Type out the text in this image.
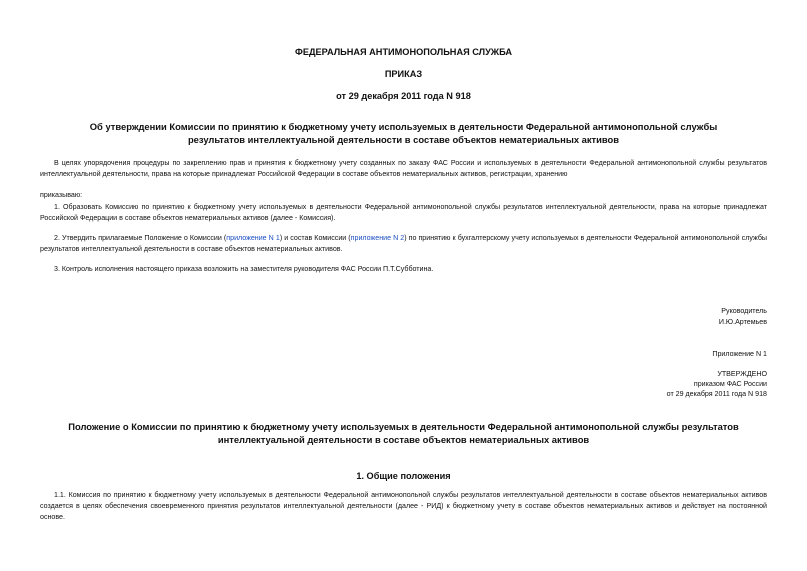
ФЕДЕРАЛЬНАЯ АНТИМОНОПОЛЬНАЯ СЛУЖБА
ПРИКАЗ
от 29 декабря 2011 года N 918
Об утверждении Комиссии по принятию к бюджетному учету используемых в деятельности Федеральной антимонопольной службы результатов интеллектуальной деятельности в составе объектов нематериальных активов

В целях упорядочения процедуры по закреплению прав и принятия к бюджетному учету созданных по заказу ФАС России и используемых в деятельности Федеральной антимонопольной службы результатов интеллектуальной деятельности, права на которые принадлежат Российской Федерации в составе объектов нематериальных активов, регистрации, хранению

приказываю:

1. Образовать Комиссию по принятию к бюджетному учету используемых в деятельности Федеральной антимонопольной службы результатов интеллектуальной деятельности, права на которые принадлежат Российской Федерации в составе объектов нематериальных активов (далее - Комиссия).

2. Утвердить прилагаемые Положение о Комиссии (приложение N 1) и состав Комиссии (приложение N 2) по принятию к бухгалтерскому учету используемых в деятельности Федеральной антимонопольной службы результатов интеллектуальной деятельности в составе объектов нематериальных активов.

3. Контроль исполнения настоящего приказа возложить на заместителя руководителя ФАС России П.Т.Субботина.

Руководитель
И.Ю.Артемьев
Приложение N 1
УТВЕРЖДЕНО
приказом ФАС России
от 29 декабря 2011 года N 918
Положение о Комиссии по принятию к бюджетному учету используемых в деятельности Федеральной антимонопольной службы результатов интеллектуальной деятельности в составе объектов нематериальных активов
1. Общие положения

1.1. Комиссия по принятию к бюджетному учету используемых в деятельности Федеральной антимонопольной службы результатов интеллектуальной деятельности в составе объектов нематериальных активов создается в целях обеспечения своевременного принятия результатов интеллектуальной деятельности (далее - РИД) к бюджетному учету в составе объектов нематериальных активов и действует на постоянной основе.
